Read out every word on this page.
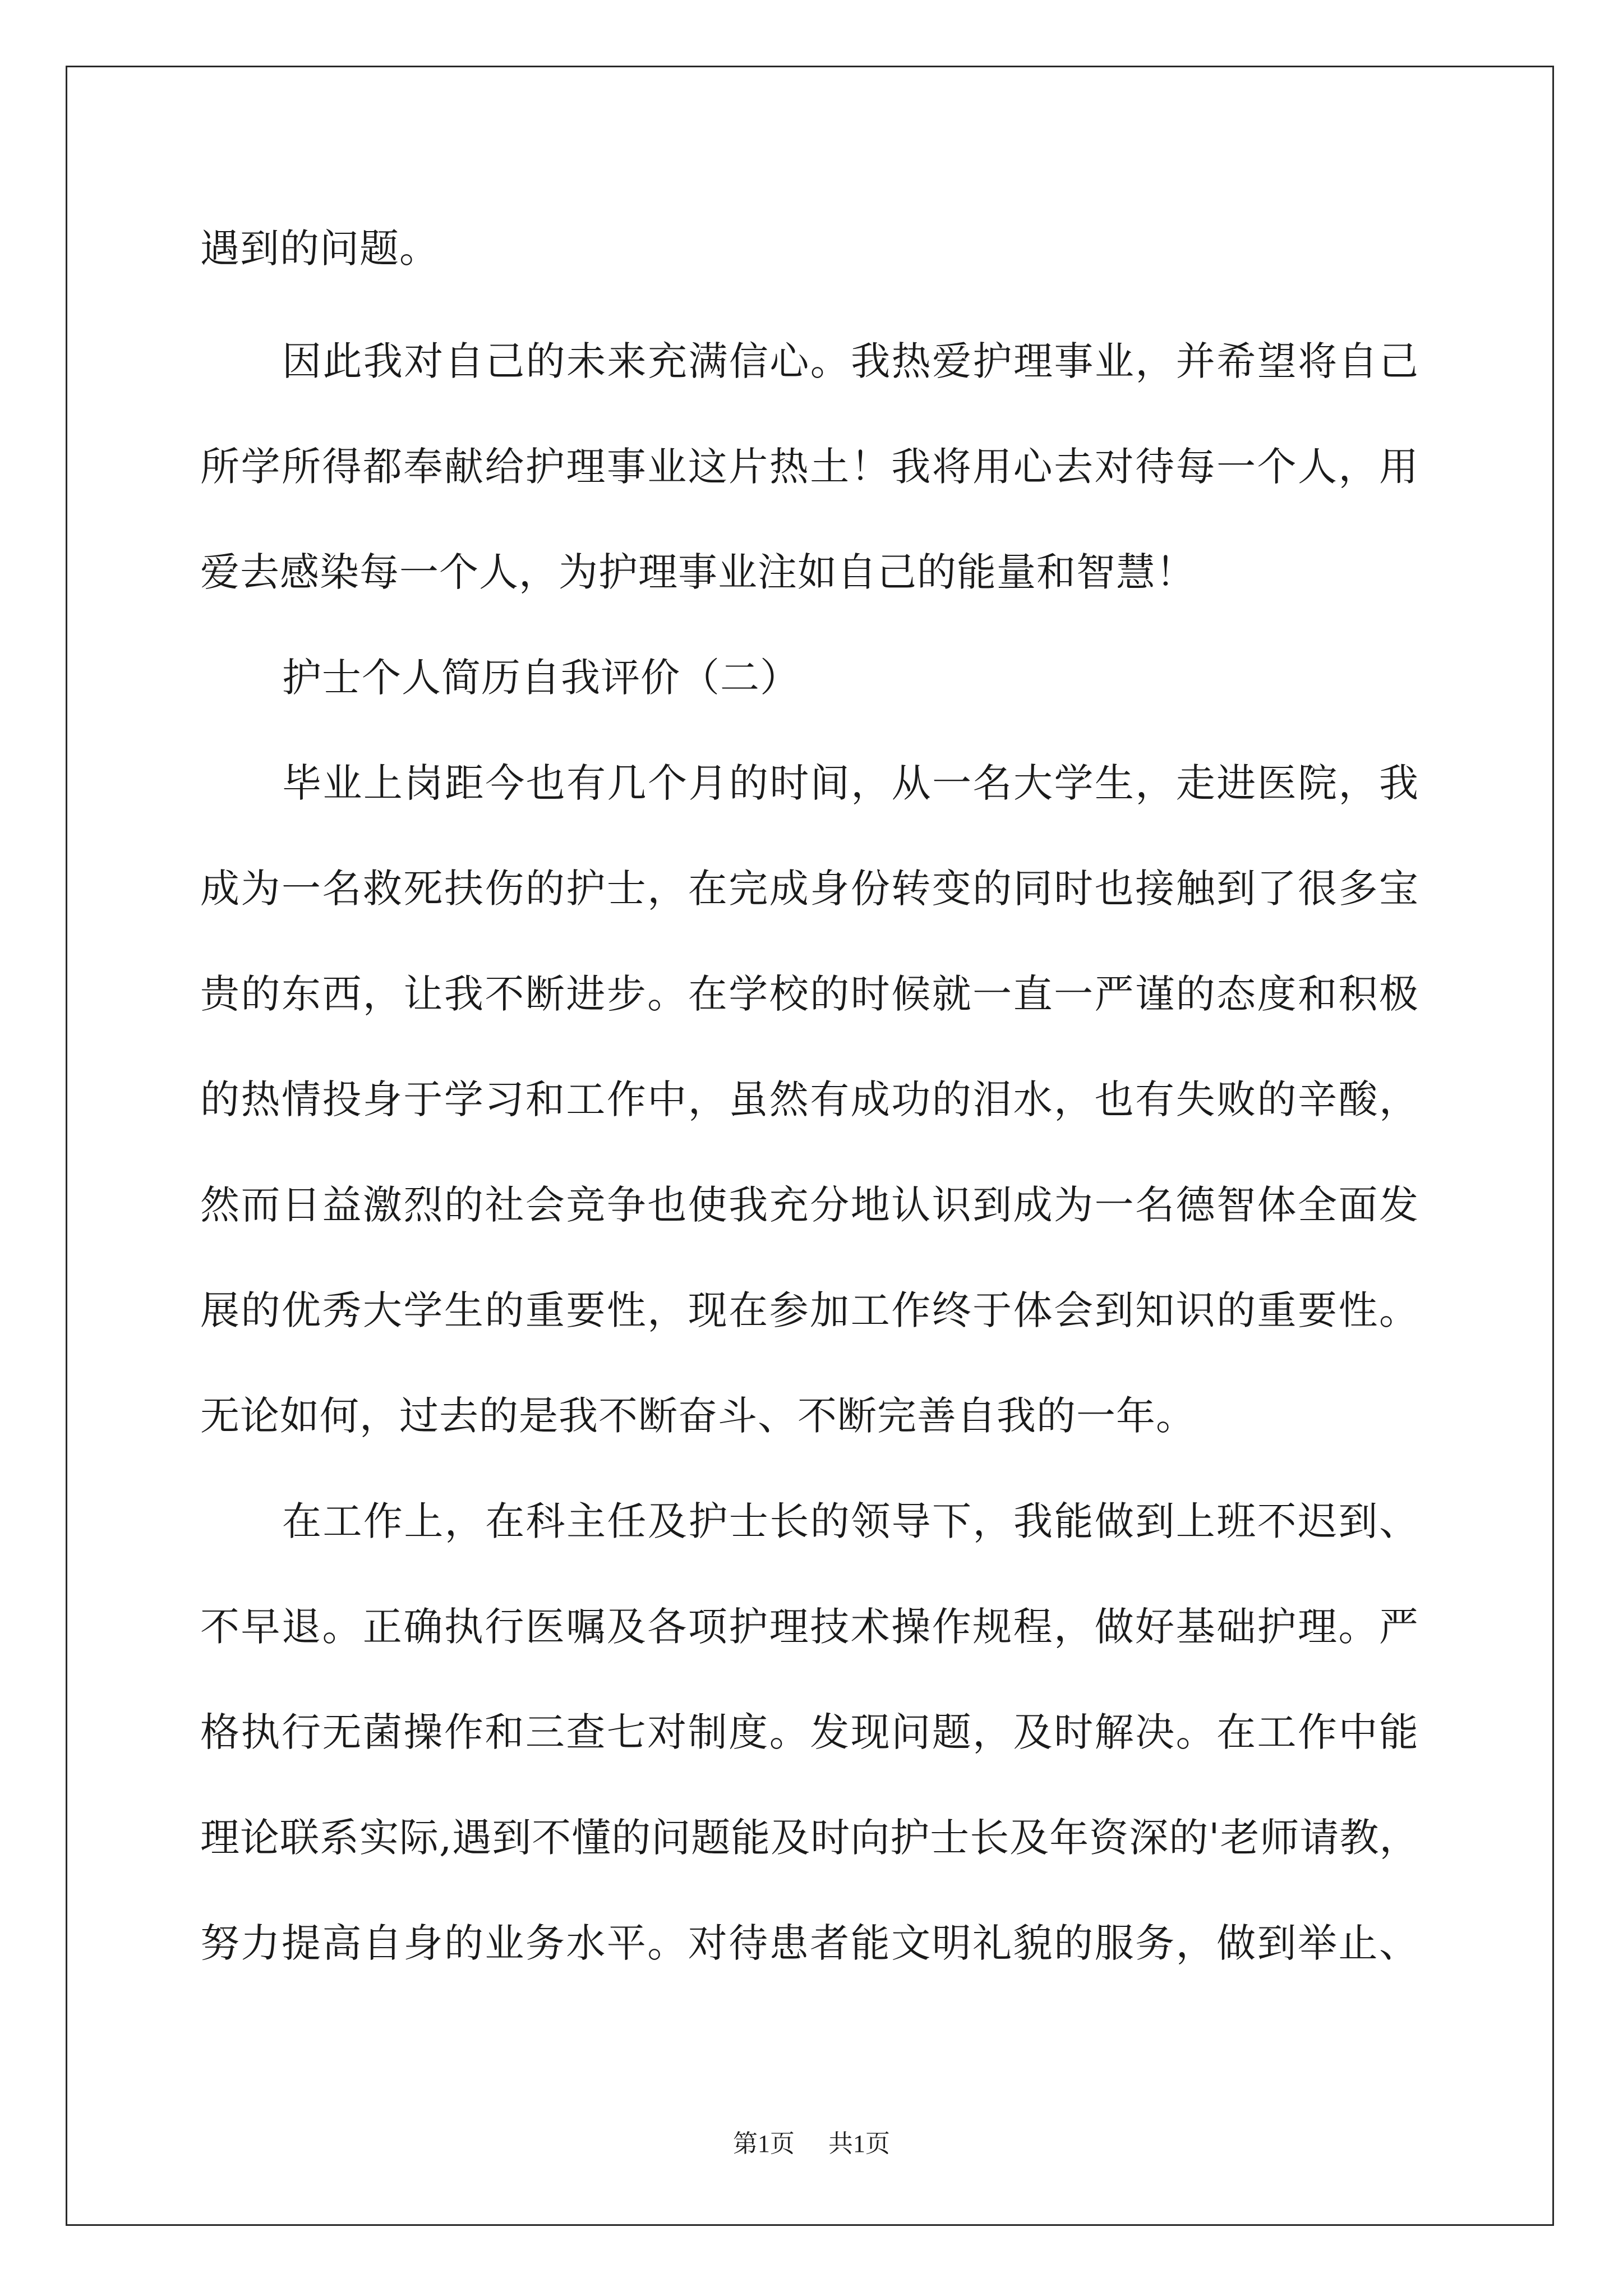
遇到的问题。
因此我对自己的未来充满信心。我热爱护理事业，并希望将自己
所学所得都奉献给护理事业这片热土！我将用心去对待每一个人，用
爱去感染每一个人，为护理事业注如自己的能量和智慧！
护士个人简历自我评价（二）
毕业上岗距今也有几个月的时间，从一名大学生，走进医院，我
成为一名救死扶伤的护士，在完成身份转变的同时也接触到了很多宝
贵的东西，让我不断进步。在学校的时候就一直一严谨的态度和积极
的热情投身于学习和工作中，虽然有成功的泪水，也有失败的辛酸，
然而日益激烈的社会竞争也使我充分地认识到成为一名德智体全面发
展的优秀大学生的重要性，现在参加工作终于体会到知识的重要性。
无论如何，过去的是我不断奋斗、不断完善自我的一年。
在工作上，在科主任及护士长的领导下，我能做到上班不迟到、
不早退。正确执行医嘱及各项护理技术操作规程，做好基础护理。严
格执行无菌操作和三查七对制度。发现问题，及时解决。在工作中能
理论联系实际,遇到不懂的问题能及时向护士长及年资深的'老师请教，
努力提高自身的业务水平。对待患者能文明礼貌的服务，做到举止、
第1页 共1页
